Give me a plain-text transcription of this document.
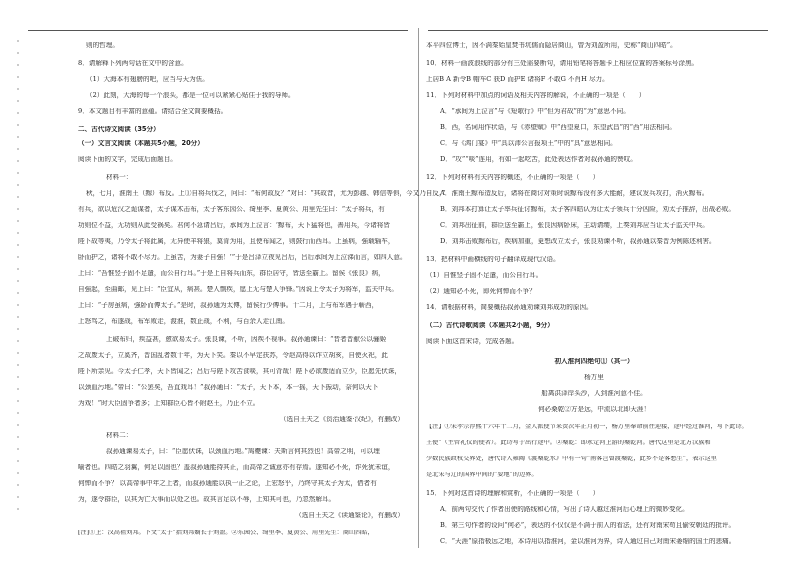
则的哲理。
8．请解释下列两句话在文中的含意。
（1）大海本有翅膀的吧，应当与天为伍。
（2）此刻，大海的每一个浪头，都是一位可以紧紧心贴住于我的导师。
9．本文题目有丰富的意蕴。请结合全文简要概括。
二、古代诗文阅读（35分）
（一）文言文阅读（本题共5小题，20分）
阅读下面的文字，完成后面题目。
材料一：
秋，七月，淮南王（黥）布反。上①自将兵伐之，问曰：“布何故反？”对曰：“其故昔，尤为彭越、韩信等俱，今又乃自反，”
有兵，欲以危汉之诡谋者，太子谋术击布，太子客东园公、绮里季、夏黄公、甪里先生曰：“太子将兵，有
功则位不益，无功则从此受祸矣。君何不急请吕后，承间为上泣言：‘黥布，天下猛将也，善用兵，今诸将皆
陛下故等夷，乃令太子将此属，无异使羊将狼，莫肯为用，且使布闻之，则鼓行而西耳。上虽病，强载辎车，
卧而护之，诸将不敢不尽力。上虽苦，为妻子自强！’”于是吕泽立夜见吕后，吕后承间为上泣涕而言，如四人意。
上曰：“吾惟竖子固不足遣，而公自行耳。”于是上自将兵而东，群臣居守，皆送至霸上。留侯《张良》病，
自强起，至曲邮，见上曰：“臣宜从，病甚。楚人剽疾，愿上无与楚人争锋。”因说上令太子为将军，监关中兵。
上曰：“子房虽病，强卧而傅太子。”是时，叔孙通为太傅，留侯行少傅事。十二月，上与布军遇于蕲西，
上怒骂之，布遂战，布军败走，渡淮，数止战，不利，与百余人走江南。
上破布归，疾益甚，愈欲易太子。张良谏，不听，因疾不视事。叔孙通谏曰：“昔者晋献公以骊姬
之故废太子，立奚齐，晋国乱者数十年，为天下笑。秦以不早定扶苏，令赵高得以诈立胡亥，自使灭祀，此
陛下所亲见。今太子仁孝，天下皆闻之；吕后与陛下攻苦食啖，其可背哉！陛下必欲废适而立少，臣愿先伏诛，
以颈血污地。”帝曰：“公罢矣，吾直戏耳！”叔孙通曰：“太子，天下本，本一摇，天下振动，奈何以天下
为戏！”时大臣固争者多；上知群臣心皆不附赵王，乃止不立。
（选自王夫之《资治通鉴·汉纪》，有删改）
材料二：
叔孙通谏易太子，曰：“臣愿伏诛，以颈血污地。”鸠夔谏：夫斯言何其烈也！高帝之明，可以理
喻者也。四皓之羽翼，何足以固也？盖叔孙通能持其正，而高帝之诚意亦有存焉。遂知必不死，诈死犹未谊，
何惮而不争？ 以高帝事中年之上者，而叔孙通能以执一正之论，上宏怒乎，乃终守其太子为太，借者有
为，遂令群臣，以其为亡大事而以处之也。故其言足以不辱，上知其可也，乃忽然解耳。
（选自王夫之《读通鉴论》，有删改）
[注]①上：汉高祖刘邦。下文“太子”指刘邦嫡长子刘盈。②东园公、绮里季、夏黄公、甪里先生：商山四皓，
本平四位博士，因不满秦始皇焚书坑儒而隐居商山，曾为刘盈所用，史称“商山四皓”。
10．材料一画波浪线的部分有三处需要断句，请用铅笔将答题卡上相应位置的答案标号涂黑。
上居B A 新令B 帽车C 获D 而护E 诸将F 不敢G 不肖H 尽力。
11．下列对材料中加点的词语及相关内容的解说，不正确的一项是（　　）
A．“承间为上泣言”与《短歌行》中“但为君故”的“为”意思不同。
B．西，名词用作状语，与《赤壁赋》中“西望夏口，东望武昌”的“西”用法相同。
C．与《鸿门宴》中“具以沛公言报项王”中的“具”意思相同。
D．“攻”“啖”连用，有如一起吃苦，此处表达作者对叔孙通的赞叹。
12．下列对材料有关内容的概述，不正确的一项是（　　）
A．淮南王黥布造反后，诸将在商讨对策时说黥布没有多大能耐，建议发兵攻打，消灭黥布。
B．刘邦本打算让太子率兵征讨黥布，太子客四皓认为让太子领兵十分凶险，劝太子推辞，出战必败。
C．刘邦出征前，群臣送至霸上，张良因病卧床，主动请缨，上奏刘邦应当让太子监关中兵。
D．刘邦击败黥布后，疾病加重，更想改立太子，张良劝谏不听，叔孙通以秦晋为例陈述利害。
13．把材料中画横线的句子翻译成现代汉语。
（1）自惟竖子固不足遣，而公自行耳。
（2）通知必不死，即死何惮而不争？
14．请根据材料，简要概括叔孙通劝谏刘邦成功的原因。
（二）古代诗歌阅读（本题共2小题，9分）
阅读下面这首宋诗，完成各题。
初入淮河四绝句①（其一）
杨万里
船离洪泽岸头沙，人到淮河意不佳。
何必桑乾②方是远，中流以北即天涯！
【注】①宋孝宗淳熙十六年十二月，金人派使节来贺次年正月初一，杨万里奉命前往迎接，途中经过淮河，写下此诗。
王使”（主管礼仪的使者）。此诗写于出行途中。②桑乾：即永定河上游的桑乾河。唐代这里是北方汉族和
少数民族政权交界处，唐代诗人雍陶《渡桑乾水》中有一句“南客岂曾渡桑乾，此乡不是客愁生”，表示这里
是北宋与辽的国界中间的“要地”的边界。
15．下列对这首诗的理解和赏析，不正确的一项是（　　）
A．前两句交代了作者出使的路线和心情，写出了诗人越过淮河后心理上的微妙变化。
B．第三句作者的设问“何必”，表达的不仅仅是不满于前人的看法，还有对南宋苟且偷安朝廷的批评。
C．“天涯”原指极远之地，本诗用以指淮河，金以淮河为界，诗人通过自己对南宋萎缩的国土的悲痛。
